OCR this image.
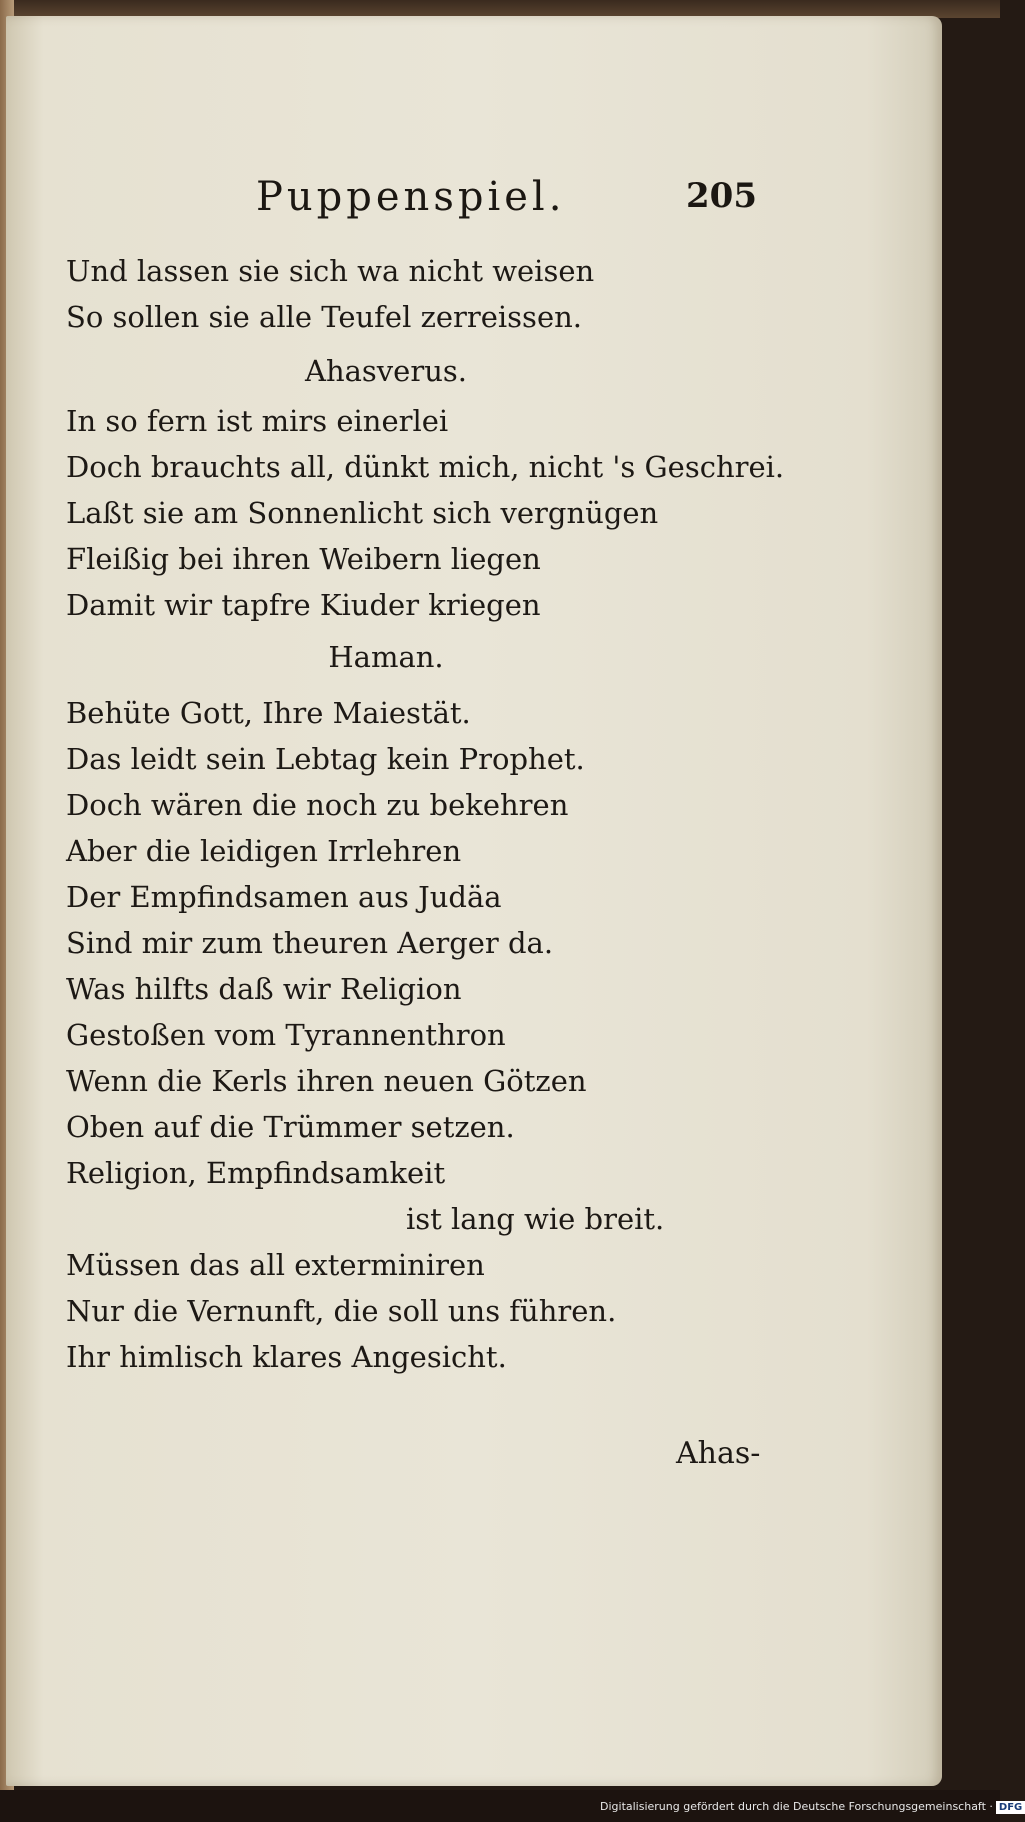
Puppenspiel.	205
Und lassen sie sich wa nicht weisen
So sollen sie alle Teufel zerreissen.
Ahasverus.
In so fern ist mirs einerlei
Doch brauchts all, dünkt mich, nicht 's Geschrei.
Laßt sie am Sonnenlicht sich vergnügen
Fleißig bei ihren Weibern liegen
Damit wir tapfre Kiuder kriegen
Haman.
Behüte Gott, Ihre Maiestät.
Das leidt sein Lebtag kein Prophet.
Doch wären die noch zu bekehren
Aber die leidigen Irrlehren
Der Empfindsamen aus Judäa
Sind mir zum theuren Aerger da.
Was hilfts daß wir Religion
Gestoßen vom Tyrannenthron
Wenn die Kerls ihren neuen Götzen
Oben auf die Trümmer setzen.
Religion, Empfindsamkeit
ist lang wie breit.
Müssen das all exterminiren
Nur die Vernunft, die soll uns führen.
Ihr himlisch klares Angesicht.
Ahas-
Digitalisierung gefördert durch die Deutsche Forschungsgemeinschaft · DFG
